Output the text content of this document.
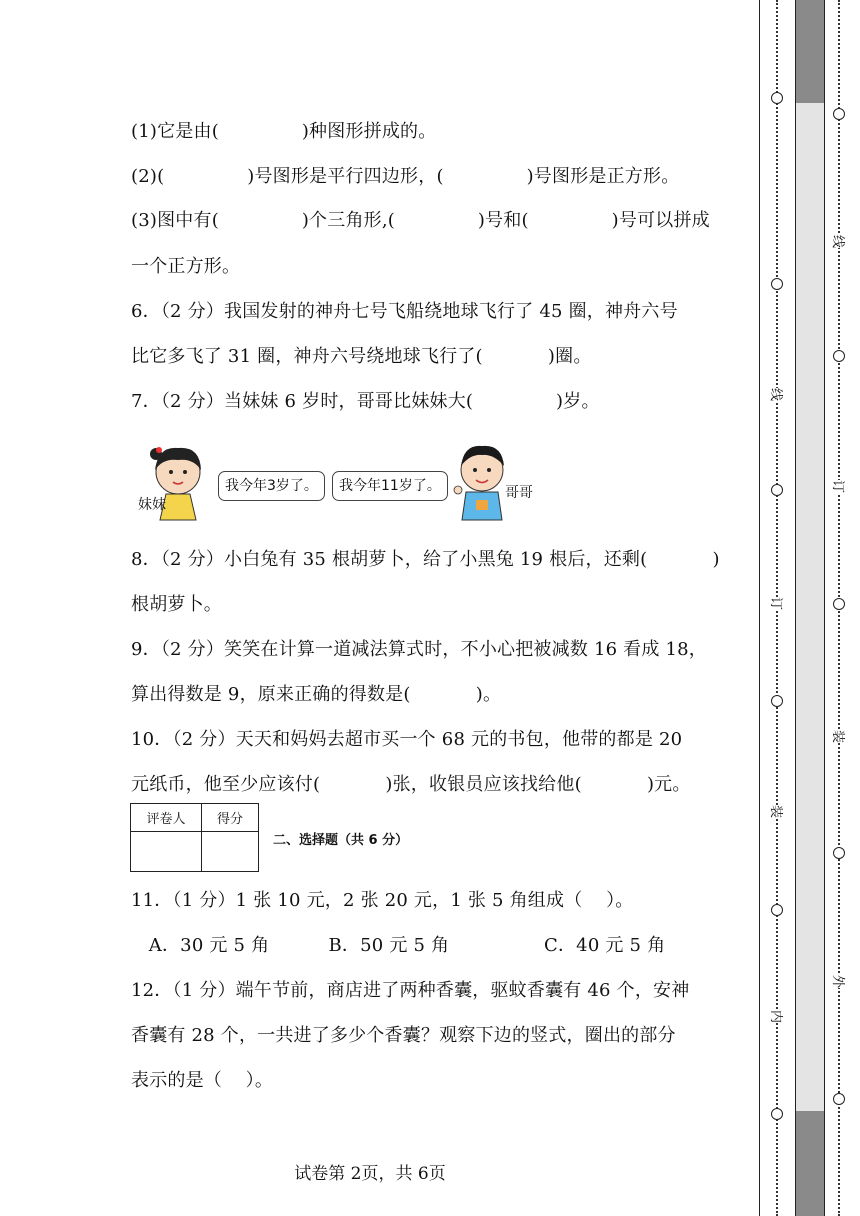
(1)它是由(              )种图形拼成的。
(2)(              )号图形是平行四边形，(              )号图形是正方形。
(3)图中有(              )个三角形,(              )号和(              )号可以拼成
一个正方形。
6．（2 分）我国发射的神舟七号飞船绕地球飞行了 45 圈，神舟六号
比它多飞了 31 圈，神舟六号绕地球飞行了(           )圈。
7．（2 分）当妹妹 6 岁时，哥哥比妹妹大(              )岁。
妹妹
我今年3岁了。	我今年11岁了。	哥哥
8．（2 分）小白兔有 35 根胡萝卜，给了小黑兔 19 根后，还剩(           )
根胡萝卜。
9．（2 分）笑笑在计算一道减法算式时，不小心把被减数 16 看成 18，
算出得数是 9，原来正确的得数是(           )。
10．（2 分）天天和妈妈去超市买一个 68 元的书包，他带的都是 20
元纸币，他至少应该付(           )张，收银员应该找给他(           )元。
评卷人	得分

二、选择题（共 6 分）
11．（1 分）1 张 10 元，2 张 20 元，1 张 5 角组成（    ）。
A．30 元 5 角          B．50 元 5 角                C．40 元 5 角
12．（1 分）端午节前，商店进了两种香囊，驱蚊香囊有 46 个，安神
香囊有 28 个，一共进了多少个香囊？观察下边的竖式，圈出的部分
表示的是（    ）。
试卷第 2页，共 6页
线
订
装
内
线
订
装
外
